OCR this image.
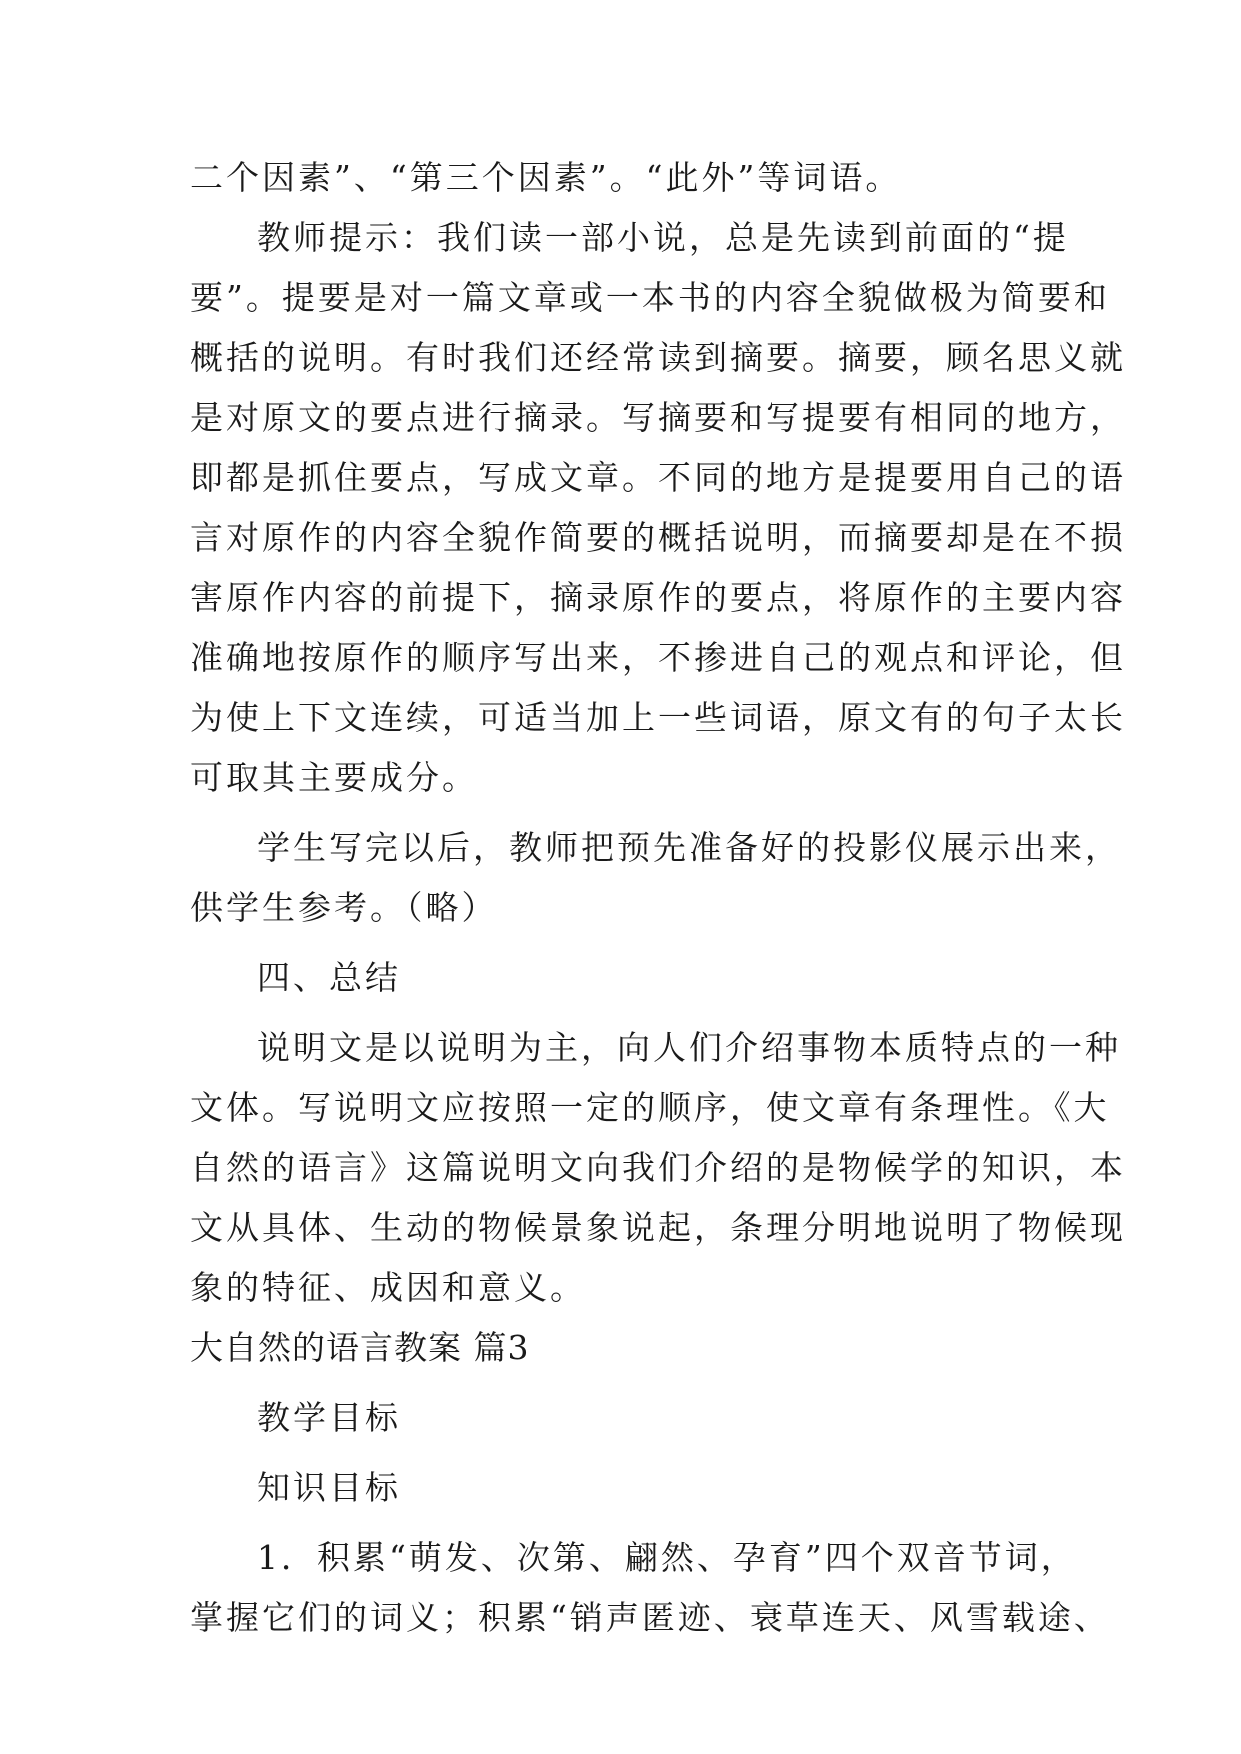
二个因素”、“第三个因素”。“此外”等词语。
教师提示：我们读一部小说，总是先读到前面的“提
要”。提要是对一篇文章或一本书的内容全貌做极为简要和
概括的说明。有时我们还经常读到摘要。摘要，顾名思义就
是对原文的要点进行摘录。写摘要和写提要有相同的地方，
即都是抓住要点，写成文章。不同的地方是提要用自己的语
言对原作的内容全貌作简要的概括说明，而摘要却是在不损
害原作内容的前提下，摘录原作的要点，将原作的主要内容
准确地按原作的顺序写出来，不掺进自己的观点和评论，但
为使上下文连续，可适当加上一些词语，原文有的句子太长
可取其主要成分。
学生写完以后，教师把预先准备好的投影仪展示出来，
供学生参考。（略）
四、总结
说明文是以说明为主，向人们介绍事物本质特点的一种
文体。写说明文应按照一定的顺序，使文章有条理性。《大
自然的语言》这篇说明文向我们介绍的是物候学的知识，本
文从具体、生动的物候景象说起，条理分明地说明了物候现
象的特征、成因和意义。
大自然的语言教案 篇3
教学目标
知识目标
1．积累“萌发、次第、翩然、孕育”四个双音节词，
掌握它们的词义；积累“销声匿迹、衰草连天、风雪载途、
